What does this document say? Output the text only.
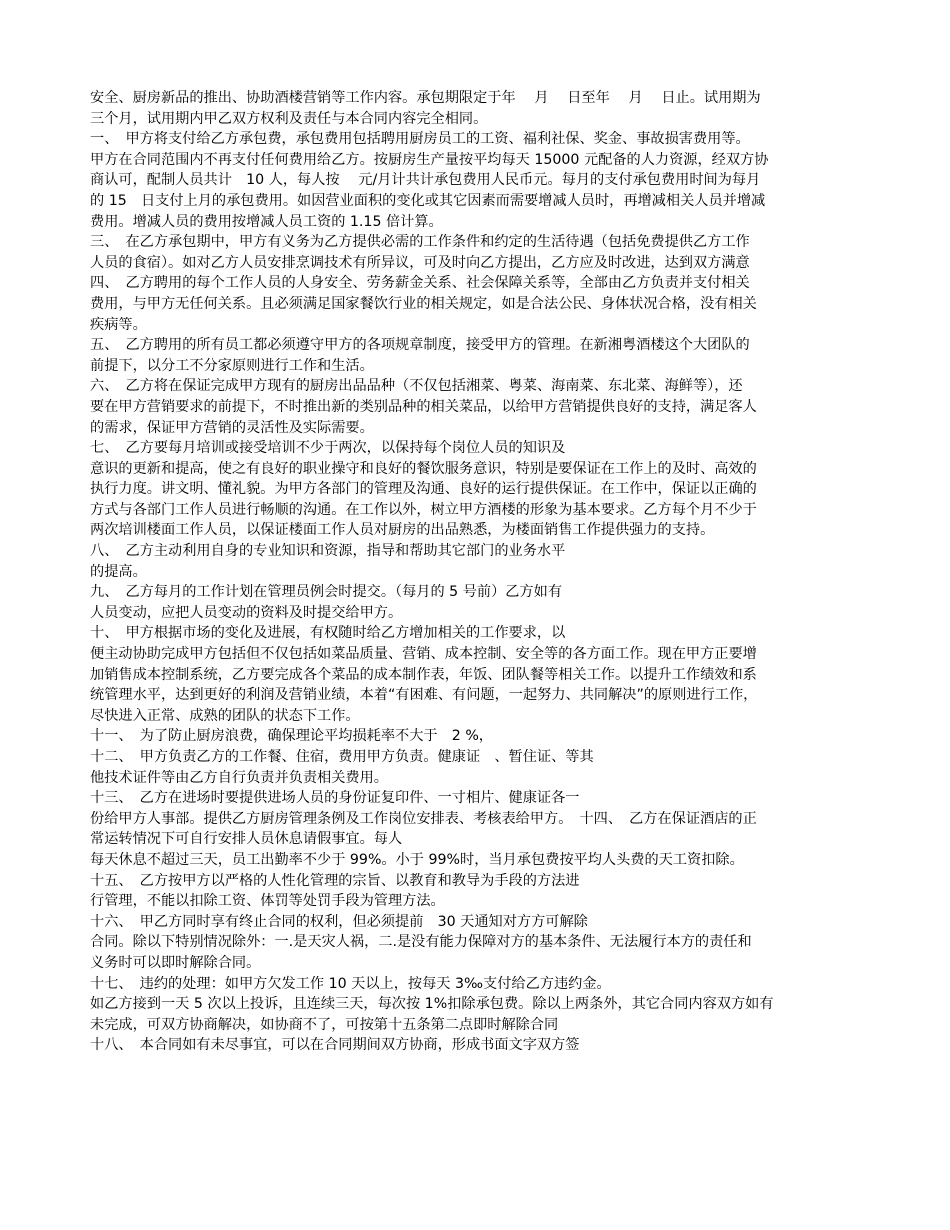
安全、厨房新品的推出、协助酒楼营销等工作内容。承包期限定于年　 月　 日至年　 月　 日止。试用期为
三个月，试用期内甲乙双方权利及责任与本合同内容完全相同。
一、　甲方将支付给乙方承包费，承包费用包括聘用厨房员工的工资、福利社保、奖金、事故损害费用等。
甲方在合同范围内不再支付任何费用给乙方。按厨房生产量按平均每天 15000 元配备的人力资源，经双方协
商认可，配制人员共计　10 人，每人按　 元/月计共计承包费用人民币元。每月的支付承包费用时间为每月
的 15　日支付上月的承包费用。如因营业面积的变化或其它因素而需要增减人员时，再增减相关人员并增减
费用。增减人员的费用按增减人员工资的 1.15 倍计算。
三、　在乙方承包期中，甲方有义务为乙方提供必需的工作条件和约定的生活待遇（包括免费提供乙方工作
人员的食宿）。如对乙方人员安排烹调技术有所异议，可及时向乙方提出，乙方应及时改进，达到双方满意
四、　乙方聘用的每个工作人员的人身安全、劳务薪金关系、社会保障关系等，全部由乙方负责并支付相关
费用，与甲方无任何关系。且必须满足国家餐饮行业的相关规定，如是合法公民、身体状况合格，没有相关
疾病等。
五、　乙方聘用的所有员工都必须遵守甲方的各项规章制度，接受甲方的管理。在新湘粤酒楼这个大团队的
前提下，以分工不分家原则进行工作和生活。
六、　乙方将在保证完成甲方现有的厨房出品品种（不仅包括湘菜、粤菜、海南菜、东北菜、海鲜等），还
要在甲方营销要求的前提下，不时推出新的类别品种的相关菜品，以给甲方营销提供良好的支持，满足客人
的需求，保证甲方营销的灵活性及实际需要。
七、　乙方要每月培训或接受培训不少于两次，以保持每个岗位人员的知识及
意识的更新和提高，使之有良好的职业操守和良好的餐饮服务意识，特别是要保证在工作上的及时、高效的
执行力度。讲文明、懂礼貌。为甲方各部门的管理及沟通、良好的运行提供保证。在工作中，保证以正确的
方式与各部门工作人员进行畅顺的沟通。在工作以外，树立甲方酒楼的形象为基本要求。乙方每个月不少于
两次培训楼面工作人员，以保证楼面工作人员对厨房的出品熟悉，为楼面销售工作提供强力的支持。
八、　乙方主动利用自身的专业知识和资源，指导和帮助其它部门的业务水平
的提高。
九、　乙方每月的工作计划在管理员例会时提交。（每月的 5 号前）乙方如有
人员变动，应把人员变动的资料及时提交给甲方。
十、　甲方根据市场的变化及进展，有权随时给乙方增加相关的工作要求，以
便主动协助完成甲方包括但不仅包括如菜品质量、营销、成本控制、安全等的各方面工作。现在甲方正要增
加销售成本控制系统，乙方要完成各个菜品的成本制作表，年饭、团队餐等相关工作。以提升工作绩效和系
统管理水平，达到更好的利润及营销业绩，本着“有困难、有问题，一起努力、共同解决”的原则进行工作，
尽快进入正常、成熟的团队的状态下工作。
十一、　为了防止厨房浪费，确保理论平均损耗率不大于　2 %，
十二、　甲方负责乙方的工作餐、住宿，费用甲方负责。健康证　、暂住证、等其
他技术证件等由乙方自行负责并负责相关费用。
十三、　乙方在进场时要提供进场人员的身份证复印件、一寸相片、健康证各一
份给甲方人事部。提供乙方厨房管理条例及工作岗位安排表、考核表给甲方。　十四、　乙方在保证酒店的正
常运转情况下可自行安排人员休息请假事宜。每人
每天休息不超过三天，员工出勤率不少于 99%。小于 99%时，当月承包费按平均人头费的天工资扣除。
十五、　乙方按甲方以严格的人性化管理的宗旨、以教育和教导为手段的方法进
行管理，不能以扣除工资、体罚等处罚手段为管理方法。
十六、　甲乙方同时享有终止合同的权利，但必须提前　30 天通知对方方可解除
合同。除以下特别情况除外：一.是天灾人祸，二.是没有能力保障对方的基本条件、无法履行本方的责任和
义务时可以即时解除合同。
十七、　违约的处理：如甲方欠发工作 10 天以上，按每天 3‰支付给乙方违约金。
如乙方接到一天 5 次以上投诉，且连续三天，每次按 1%扣除承包费。除以上两条外，其它合同内容双方如有
未完成，可双方协商解决，如协商不了，可按第十五条第二点即时解除合同
十八、　本合同如有未尽事宜，可以在合同期间双方协商，形成书面文字双方签
